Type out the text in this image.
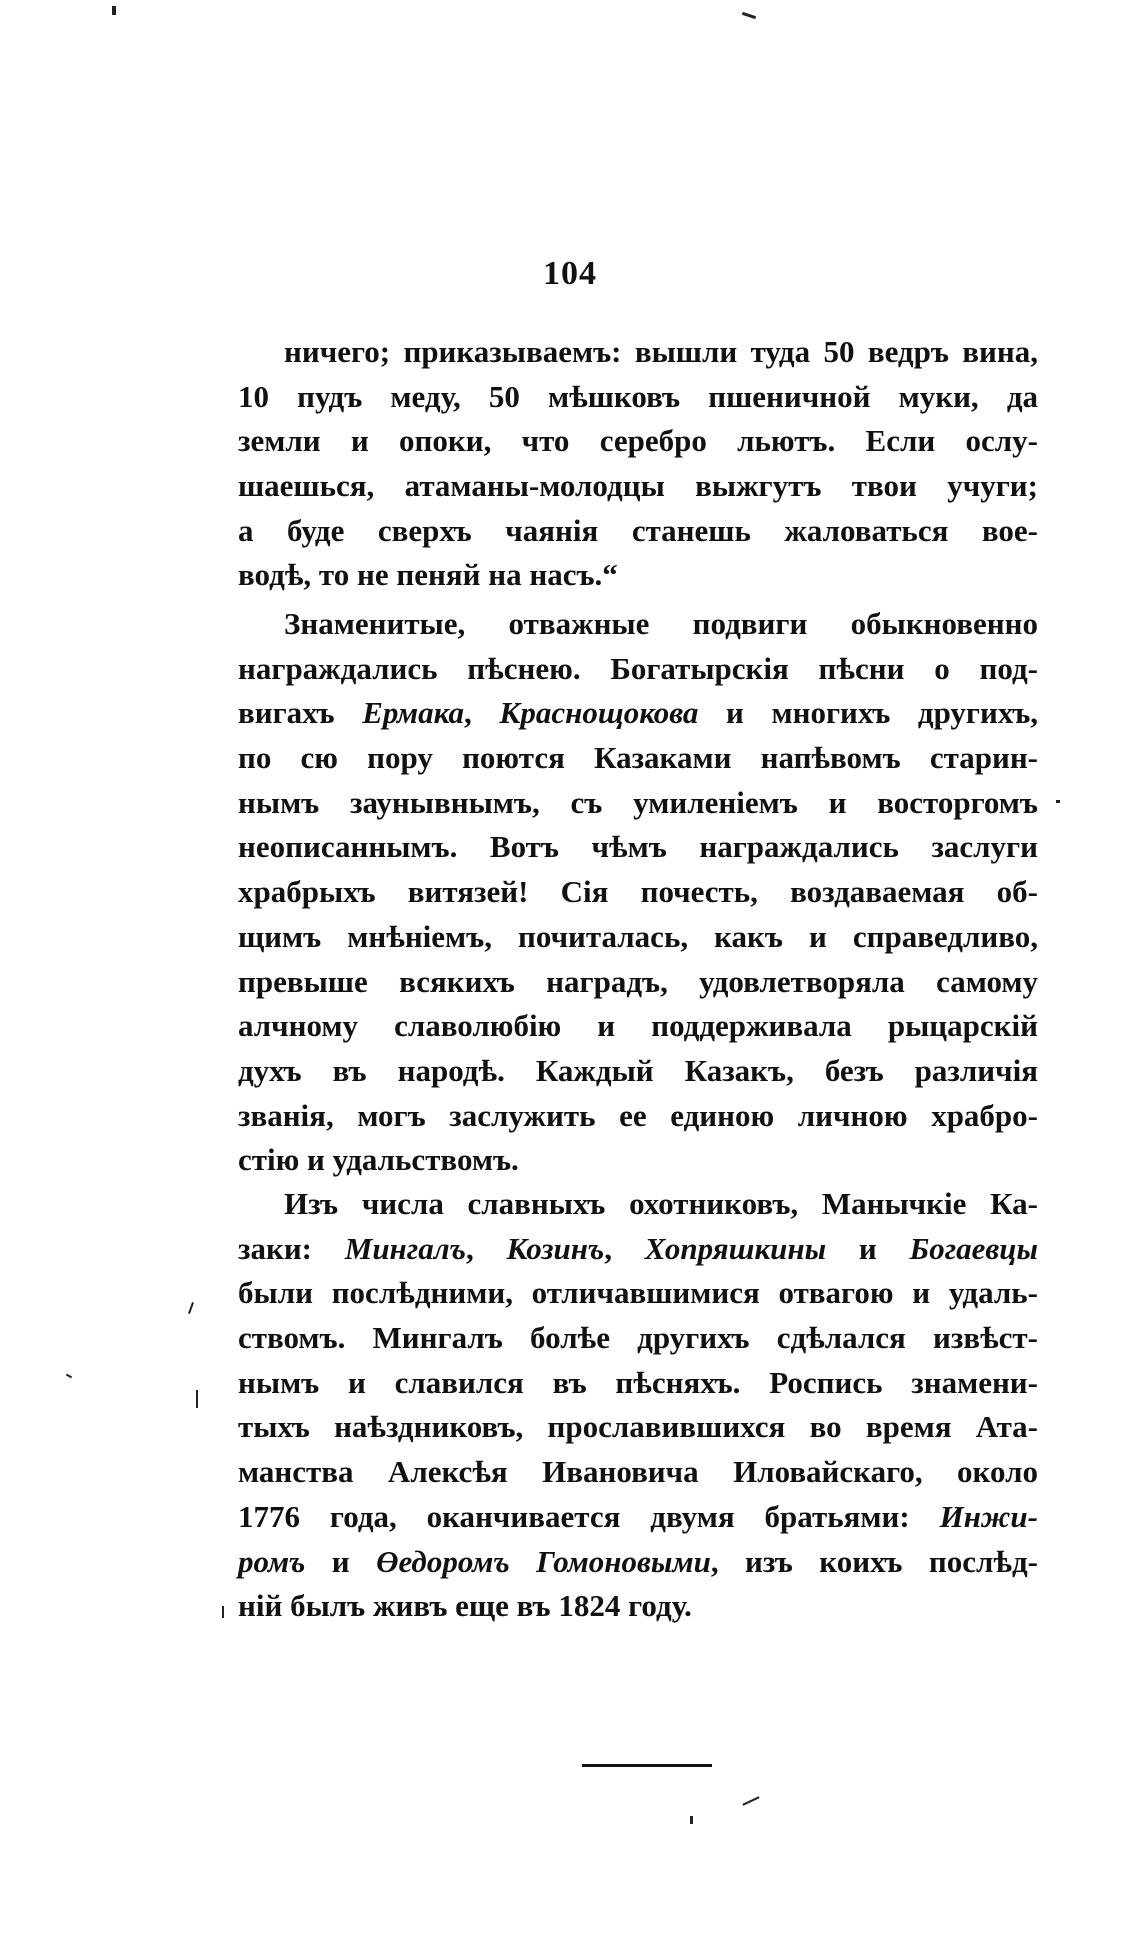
104
ничего; приказываемъ: вышли туда 50 ведръ вина,
10 пудъ меду, 50 мѣшковъ пшеничной муки, да
земли и опоки, что серебро льютъ. Если ослу-
шаешься, атаманы-молодцы выжгутъ твои учуги;
а буде сверхъ чаянія станешь жаловаться вое-
водѣ, то не пеняй на насъ.“
Знаменитые, отважные подвиги обыкновенно
награждались пѣснею. Богатырскія пѣсни о под-
вигахъ Ермака, Краснощокова и многихъ другихъ,
по сю пору поются Казаками напѣвомъ старин-
нымъ заунывнымъ, съ умиленіемъ и восторгомъ
неописаннымъ. Вотъ чѣмъ награждались заслуги
храбрыхъ витязей! Сія почесть, воздаваемая об-
щимъ мнѣніемъ, почиталась, какъ и справедливо,
превыше всякихъ наградъ, удовлетворяла самому
алчному славолюбію и поддерживала рыцарскій
духъ въ народѣ. Каждый Казакъ, безъ различія
званія, могъ заслужить ее единою личною храбро-
стію и удальствомъ.
Изъ числа славныхъ охотниковъ, Манычкіе Ка-
заки: Мингалъ, Козинъ, Хопряшкины и Богаевцы
были послѣдними, отличавшимися отвагою и удаль-
ствомъ. Мингалъ болѣе другихъ сдѣлался извѣст-
нымъ и славился въ пѣсняхъ. Роспись знамени-
тыхъ наѣздниковъ, прославившихся во время Ата-
манства Алексѣя Ивановича Иловайскаго, около
1776 года, оканчивается двумя братьями: Инжи-
ромъ и Өедоромъ Гомоновыми, изъ коихъ послѣд-
ній былъ живъ еще въ 1824 году.
